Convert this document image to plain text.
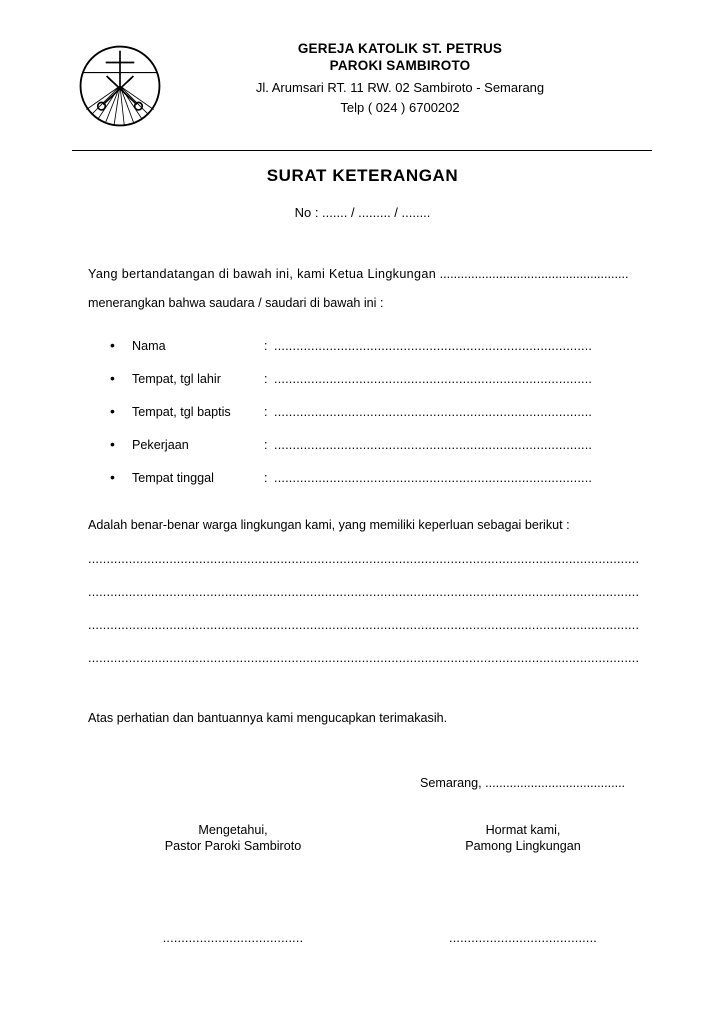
GEREJA KATOLIK ST. PETRUS
PAROKI SAMBIROTO
Jl. Arumsari RT. 11 RW. 02 Sambiroto - Semarang
Telp ( 024 ) 6700202
SURAT KETERANGAN
No : ....... / ......... / ........
Yang bertandatangan di bawah ini, kami Ketua Lingkungan ......................................................
menerangkan bahwa saudara / saudari di bawah ini :
•	Nama	: ......................................................................................
•	Tempat, tgl lahir	: ......................................................................................
•	Tempat, tgl baptis	: ......................................................................................
•	Pekerjaan	: ......................................................................................
•	Tempat tinggal	: ......................................................................................
Adalah benar-benar warga lingkungan kami, yang memiliki keperluan sebagai berikut :
.....................................................................................................................................................
.....................................................................................................................................................
.....................................................................................................................................................
.....................................................................................................................................................
Atas perhatian dan bantuannya kami mengucapkan terimakasih.
Semarang, ........................................
Mengetahui,
Pastor Paroki Sambiroto
Hormat kami,
Pamong Lingkungan
......................................	........................................
